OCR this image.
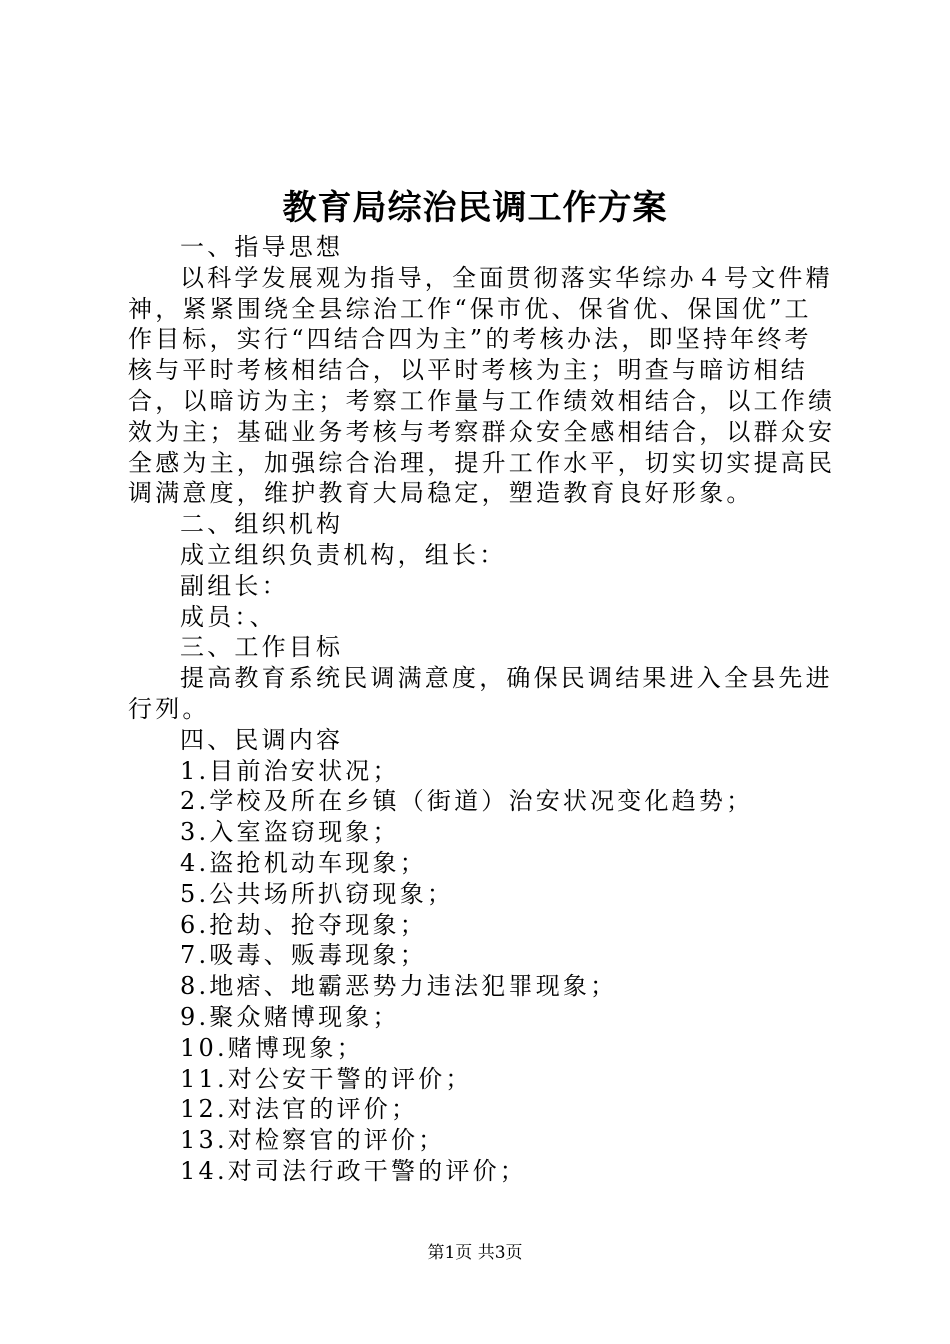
教育局综治民调工作方案

一、指导思想

以科学发展观为指导，全面贯彻落实华综办４号文件精神，紧紧围绕全县综治工作“保市优、保省优、保国优”工作目标，实行“四结合四为主”的考核办法，即坚持年终考核与平时考核相结合，以平时考核为主；明查与暗访相结合，以暗访为主；考察工作量与工作绩效相结合，以工作绩效为主；基础业务考核与考察群众安全感相结合，以群众安全感为主，加强综合治理，提升工作水平，切实切实提高民调满意度，维护教育大局稳定，塑造教育良好形象。

二、组织机构

成立组织负责机构，组长：

副组长：

成员：、

三、工作目标

提高教育系统民调满意度，确保民调结果进入全县先进行列。

四、民调内容

1.目前治安状况；

2.学校及所在乡镇（街道）治安状况变化趋势；

3.入室盗窃现象；

4.盗抢机动车现象；

5.公共场所扒窃现象；

6.抢劫、抢夺现象；

7.吸毒、贩毒现象；

8.地痞、地霸恶势力违法犯罪现象；

9.聚众赌博现象；

10.赌博现象；

11.对公安干警的评价；

12.对法官的评价；

13.对检察官的评价；

14.对司法行政干警的评价；

第1页 共3页
